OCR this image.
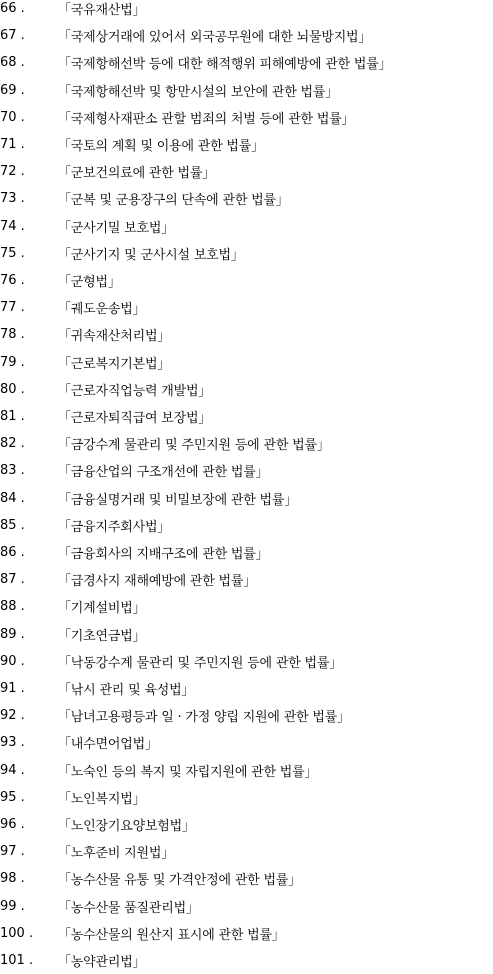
66 .	「국유재산법」
67 .	「국제상거래에 있어서 외국공무원에 대한 뇌물방지법」
68 .	「국제항해선박 등에 대한 해적행위 피해예방에 관한 법률」
69 .	「국제항해선박 및 항만시설의 보안에 관한 법률」
70 .	「국제형사재판소 관할 범죄의 처벌 등에 관한 법률」
71 .	「국토의 계획 및 이용에 관한 법률」
72 .	「군보건의료에 관한 법률」
73 .	「군복 및 군용장구의 단속에 관한 법률」
74 .	「군사기밀 보호법」
75 .	「군사기지 및 군사시설 보호법」
76 .	「군형법」
77 .	「궤도운송법」
78 .	「귀속재산처리법」
79 .	「근로복지기본법」
80 .	「근로자직업능력 개발법」
81 .	「근로자퇴직급여 보장법」
82 .	「금강수계 물관리 및 주민지원 등에 관한 법률」
83 .	「금융산업의 구조개선에 관한 법률」
84 .	「금융실명거래 및 비밀보장에 관한 법률」
85 .	「금융지주회사법」
86 .	「금융회사의 지배구조에 관한 법률」
87 .	「급경사지 재해예방에 관한 법률」
88 .	「기계설비법」
89 .	「기초연금법」
90 .	「낙동강수계 물관리 및 주민지원 등에 관한 법률」
91 .	「낚시 관리 및 육성법」
92 .	「남녀고용평등과 일 · 가정 양립 지원에 관한 법률」
93 .	「내수면어업법」
94 .	「노숙인 등의 복지 및 자립지원에 관한 법률」
95 .	「노인복지법」
96 .	「노인장기요양보험법」
97 .	「노후준비 지원법」
98 .	「농수산물 유통 및 가격안정에 관한 법률」
99 .	「농수산물 품질관리법」
100 . 「농수산물의 원산지 표시에 관한 법률」
101 . 「농약관리법」
